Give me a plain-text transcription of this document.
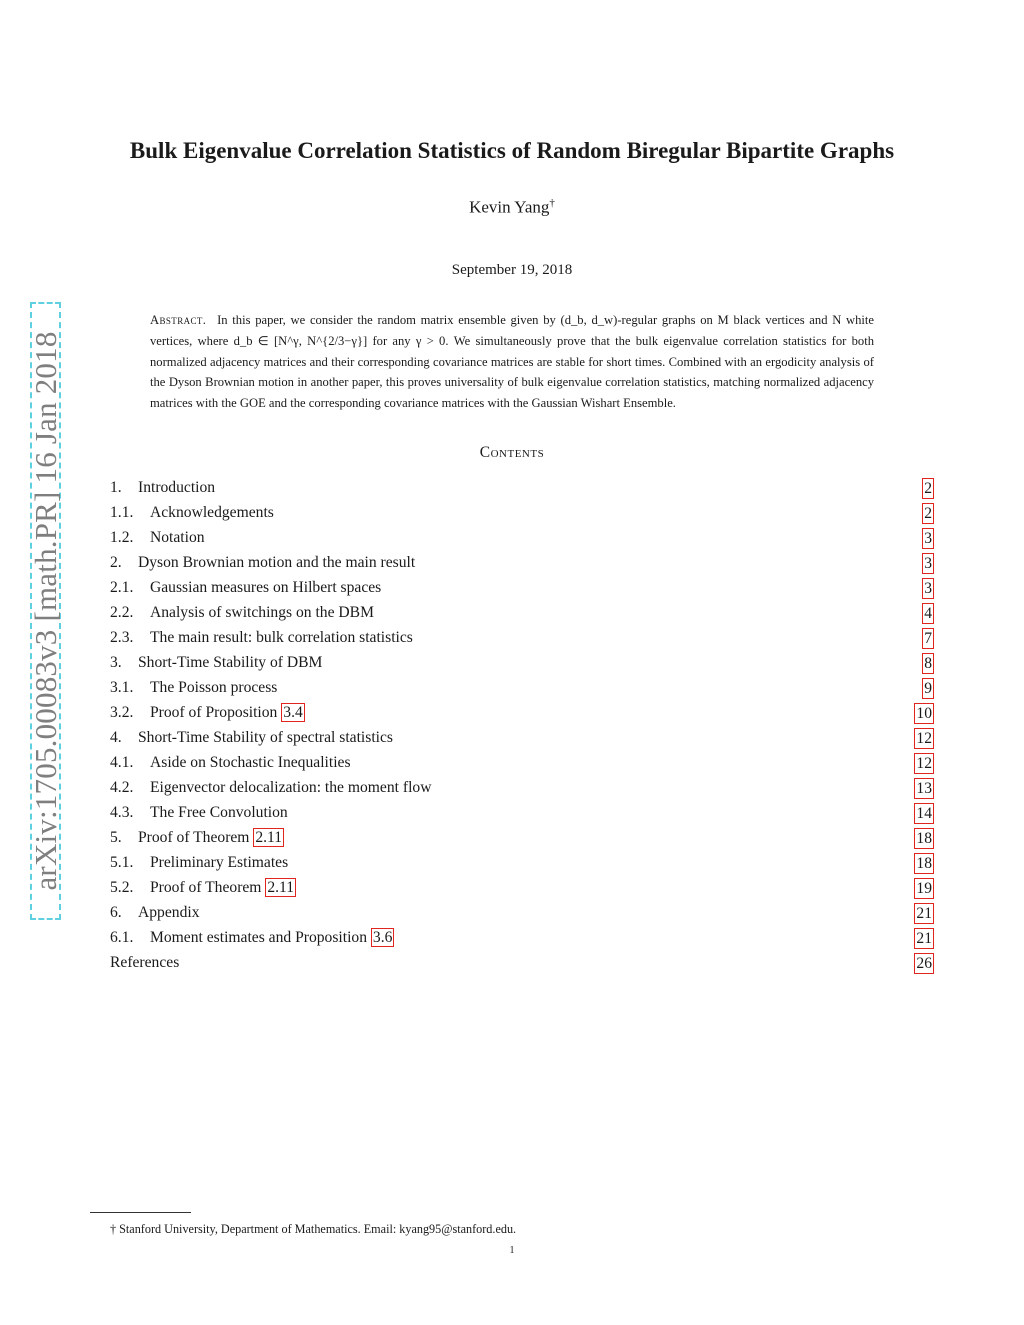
arXiv:1705.00083v3 [math.PR] 16 Jan 2018
Bulk Eigenvalue Correlation Statistics of Random Biregular Bipartite Graphs
Kevin Yang†
September 19, 2018
Abstract. In this paper, we consider the random matrix ensemble given by (d_b, d_w)-regular graphs on M black vertices and N white vertices, where d_b ∈ [N^γ, N^{2/3−γ}] for any γ > 0. We simultaneously prove that the bulk eigenvalue correlation statistics for both normalized adjacency matrices and their corresponding covariance matrices are stable for short times. Combined with an ergodicity analysis of the Dyson Brownian motion in another paper, this proves universality of bulk eigenvalue correlation statistics, matching normalized adjacency matrices with the GOE and the corresponding covariance matrices with the Gaussian Wishart Ensemble.
Contents
1. Introduction	2
1.1. Acknowledgements	2
1.2. Notation	3
2. Dyson Brownian motion and the main result	3
2.1. Gaussian measures on Hilbert spaces	3
2.2. Analysis of switchings on the DBM	4
2.3. The main result: bulk correlation statistics	7
3. Short-Time Stability of DBM	8
3.1. The Poisson process	9
3.2. Proof of Proposition 3.4	10
4. Short-Time Stability of spectral statistics	12
4.1. Aside on Stochastic Inequalities	12
4.2. Eigenvector delocalization: the moment flow	13
4.3. The Free Convolution	14
5. Proof of Theorem 2.11	18
5.1. Preliminary Estimates	18
5.2. Proof of Theorem 2.11	19
6. Appendix	21
6.1. Moment estimates and Proposition 3.6	21
References	26
† Stanford University, Department of Mathematics. Email: kyang95@stanford.edu.
1
